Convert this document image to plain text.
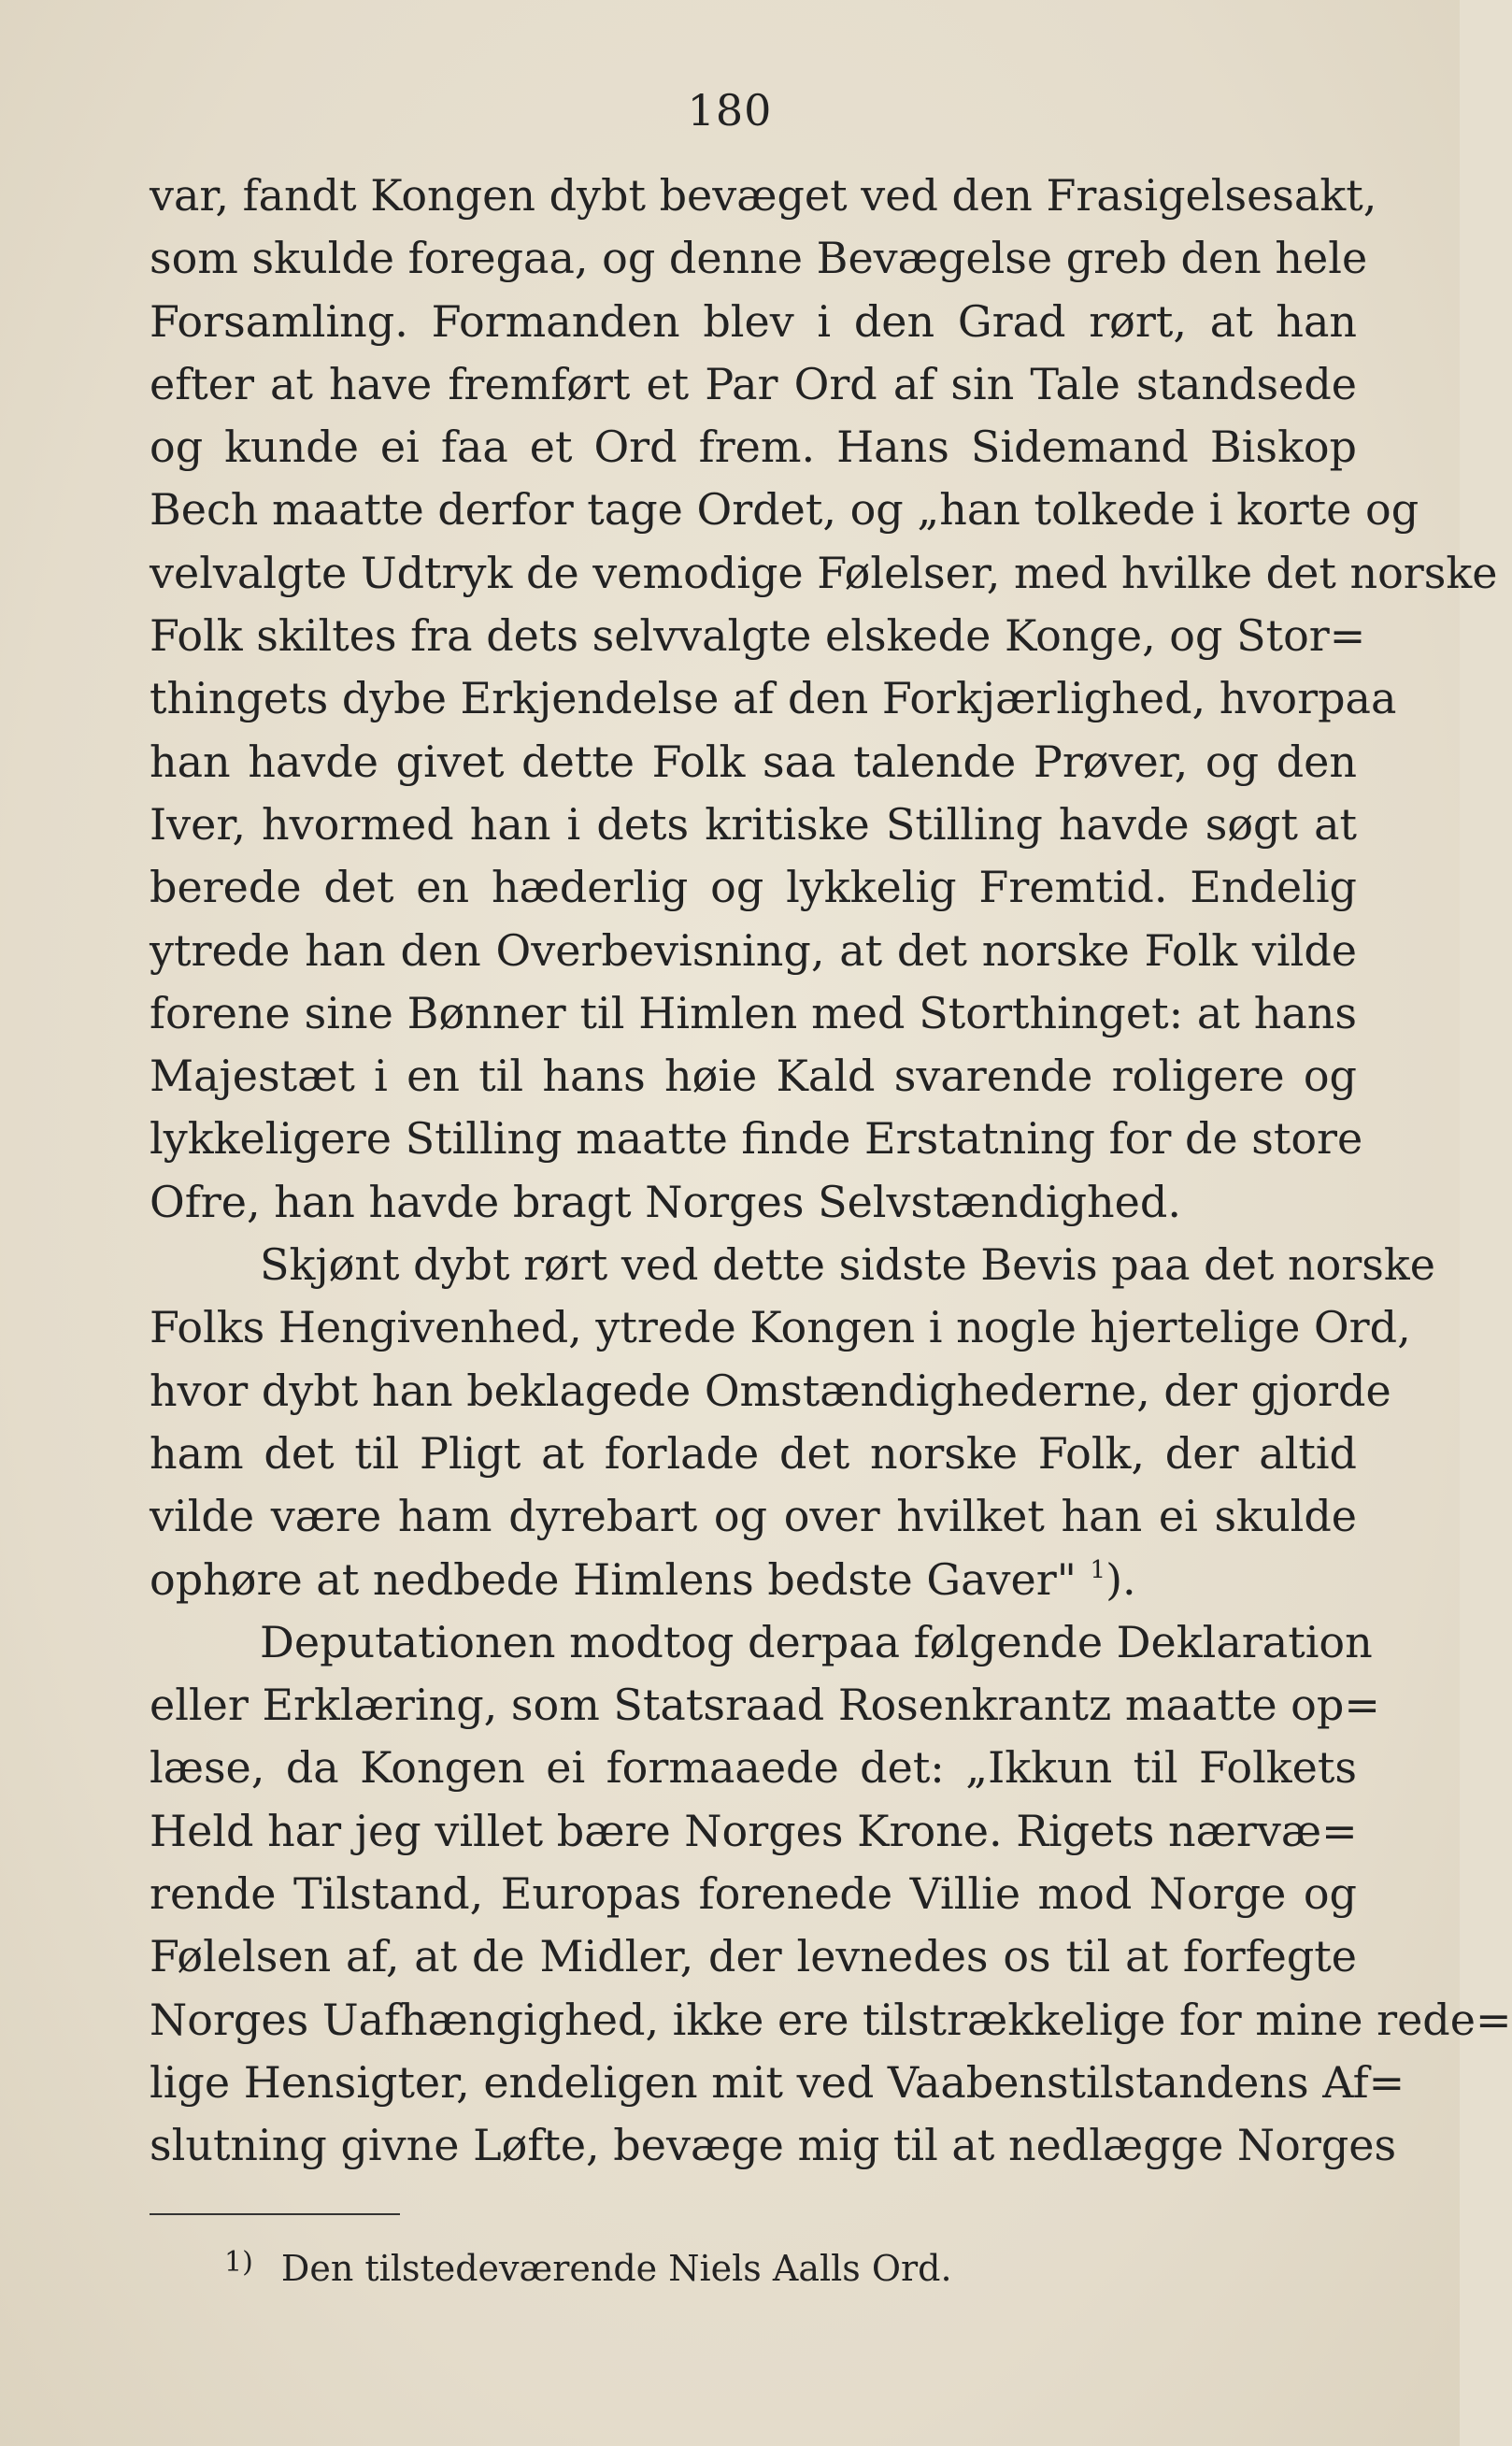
180
var, fandt Kongen dybt bevæget ved den Frasigelsesakt,
som skulde foregaa, og denne Bevægelse greb den hele
Forsamling. Formanden blev i den Grad rørt, at han
efter at have fremført et Par Ord af sin Tale standsede
og kunde ei faa et Ord frem. Hans Sidemand Biskop
Bech maatte derfor tage Ordet, og „han tolkede i korte og
velvalgte Udtryk de vemodige Følelser, med hvilke det norske
Folk skiltes fra dets selvvalgte elskede Konge, og Stor=
thingets dybe Erkjendelse af den Forkjærlighed, hvorpaa
han havde givet dette Folk saa talende Prøver, og den
Iver, hvormed han i dets kritiske Stilling havde søgt at
berede det en hæderlig og lykkelig Fremtid. Endelig
ytrede han den Overbevisning, at det norske Folk vilde
forene sine Bønner til Himlen med Storthinget: at hans
Majestæt i en til hans høie Kald svarende roligere og
lykkeligere Stilling maatte finde Erstatning for de store
Ofre, han havde bragt Norges Selvstændighed.
Skjønt dybt rørt ved dette sidste Bevis paa det norske
Folks Hengivenhed, ytrede Kongen i nogle hjertelige Ord,
hvor dybt han beklagede Omstændighederne, der gjorde
ham det til Pligt at forlade det norske Folk, der altid
vilde være ham dyrebart og over hvilket han ei skulde
ophøre at nedbede Himlens bedste Gaver" $^1$).
Deputationen modtog derpaa følgende Deklaration
eller Erklæring, som Statsraad Rosenkrantz maatte op=
læse, da Kongen ei formaaede det: „Ikkun til Folkets
Held har jeg villet bære Norges Krone. Rigets nærvæ=
rende Tilstand, Europas forenede Villie mod Norge og
Følelsen af, at de Midler, der levnedes os til at forfegte
Norges Uafhængighed, ikke ere tilstrækkelige for mine rede=
lige Hensigter, endeligen mit ved Vaabenstilstandens Af=
slutning givne Løfte, bevæge mig til at nedlægge Norges
$^{1)}$ Den tilstedeværende Niels Aalls Ord.
